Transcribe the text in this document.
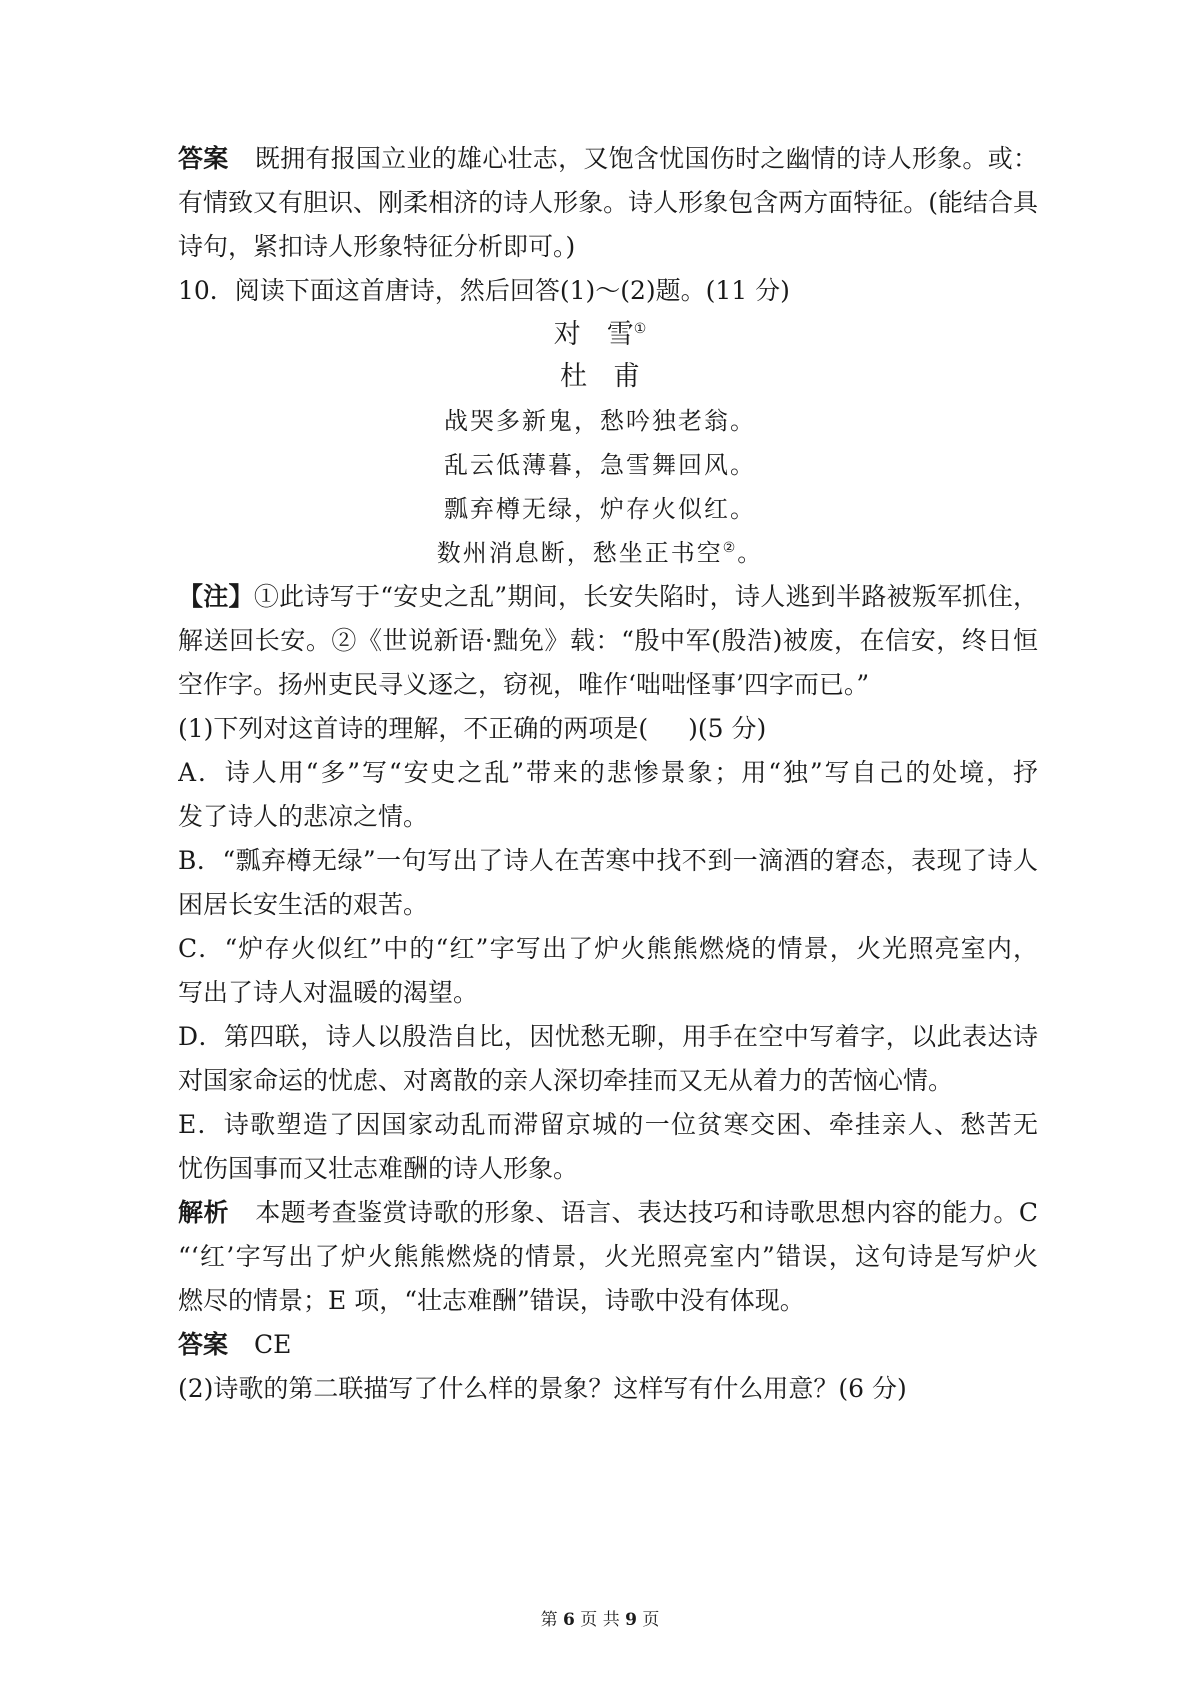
答案 既拥有报国立业的雄心壮志，又饱含忧国伤时之幽情的诗人形象。或：
有情致又有胆识、刚柔相济的诗人形象。诗人形象包含两方面特征。(能结合具
诗句，紧扣诗人形象特征分析即可。)
10．阅读下面这首唐诗，然后回答(1)～(2)题。(11 分)
对 雪①
杜 甫
战哭多新鬼，愁吟独老翁。
乱云低薄暮，急雪舞回风。
瓢弃樽无绿，炉存火似红。
数州消息断，愁坐正书空②。
【注】①此诗写于“安史之乱”期间，长安失陷时，诗人逃到半路被叛军抓住，
解送回长安。②《世说新语·黜免》载：“殷中军(殷浩)被废，在信安，终日恒
空作字。扬州吏民寻义逐之，窃视，唯作‘咄咄怪事’四字而已。”
(1)下列对这首诗的理解，不正确的两项是( )(5 分)
A．诗人用“多”写“安史之乱”带来的悲惨景象；用“独”写自己的处境，抒
发了诗人的悲凉之情。
B．“瓢弃樽无绿”一句写出了诗人在苦寒中找不到一滴酒的窘态，表现了诗人
困居长安生活的艰苦。
C．“炉存火似红”中的“红”字写出了炉火熊熊燃烧的情景，火光照亮室内，
写出了诗人对温暖的渴望。
D．第四联，诗人以殷浩自比，因忧愁无聊，用手在空中写着字，以此表达诗
对国家命运的忧虑、对离散的亲人深切牵挂而又无从着力的苦恼心情。
E．诗歌塑造了因国家动乱而滞留京城的一位贫寒交困、牵挂亲人、愁苦无
忧伤国事而又壮志难酬的诗人形象。
解析 本题考查鉴赏诗歌的形象、语言、表达技巧和诗歌思想内容的能力。C
“‘红’字写出了炉火熊熊燃烧的情景，火光照亮室内”错误，这句诗是写炉火
燃尽的情景；E 项，“壮志难酬”错误，诗歌中没有体现。
答案 CE
(2)诗歌的第二联描写了什么样的景象？这样写有什么用意？(6 分)
第 6 页 共 9 页
